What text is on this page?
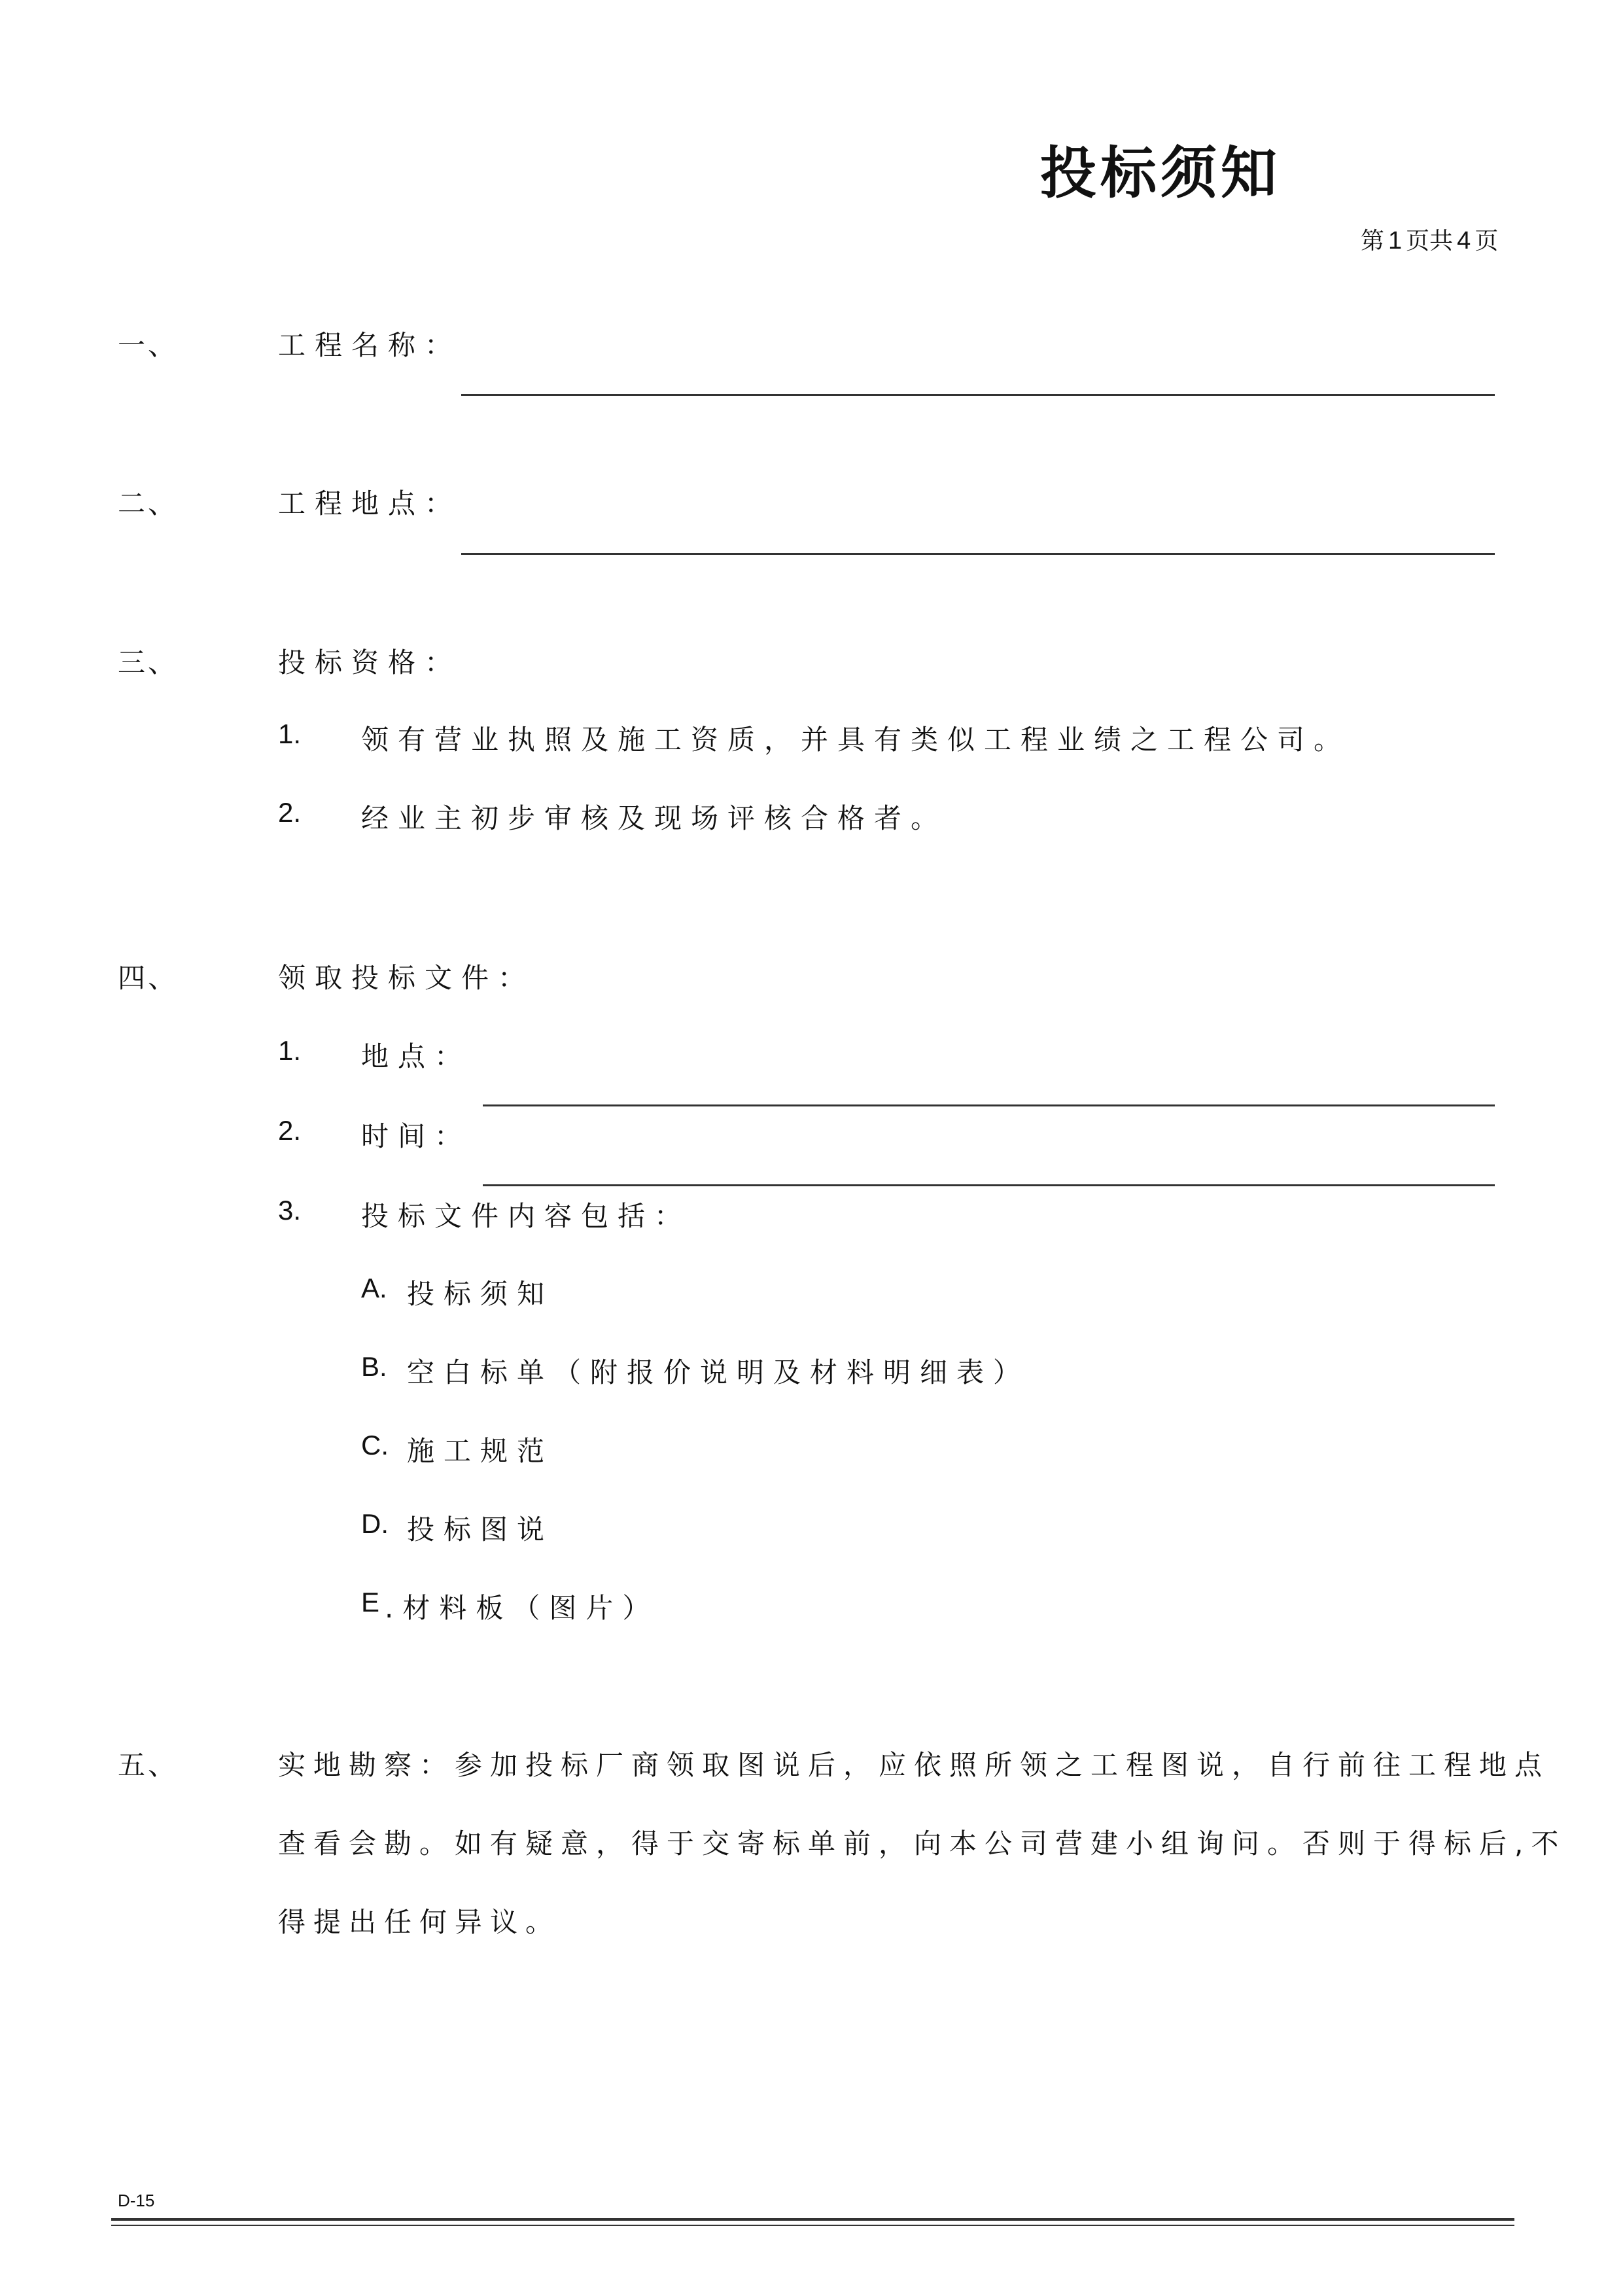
投标须知
第 1 页共 4 页
一、	工程名称：
二、	工程地点：
三、	投标资格：
1. 领有营业执照及施工资质，并具有类似工程业绩之工程公司。
2. 经业主初步审核及现场评核合格者。
四、	领取投标文件：
1. 地点：
2. 时间：
3. 投标文件内容包括：
A. 投标须知
B. 空白标单（附报价说明及材料明细表）
C. 施工规范
D. 投标图说
E .材料板（图片）
五、	实地勘察：参加投标厂商领取图说后，应依照所领之工程图说，自行前往工程地点
查看会勘。如有疑意，得于交寄标单前，向本公司营建小组询问。否则于得标后,不
得提出任何异议。
D-15
